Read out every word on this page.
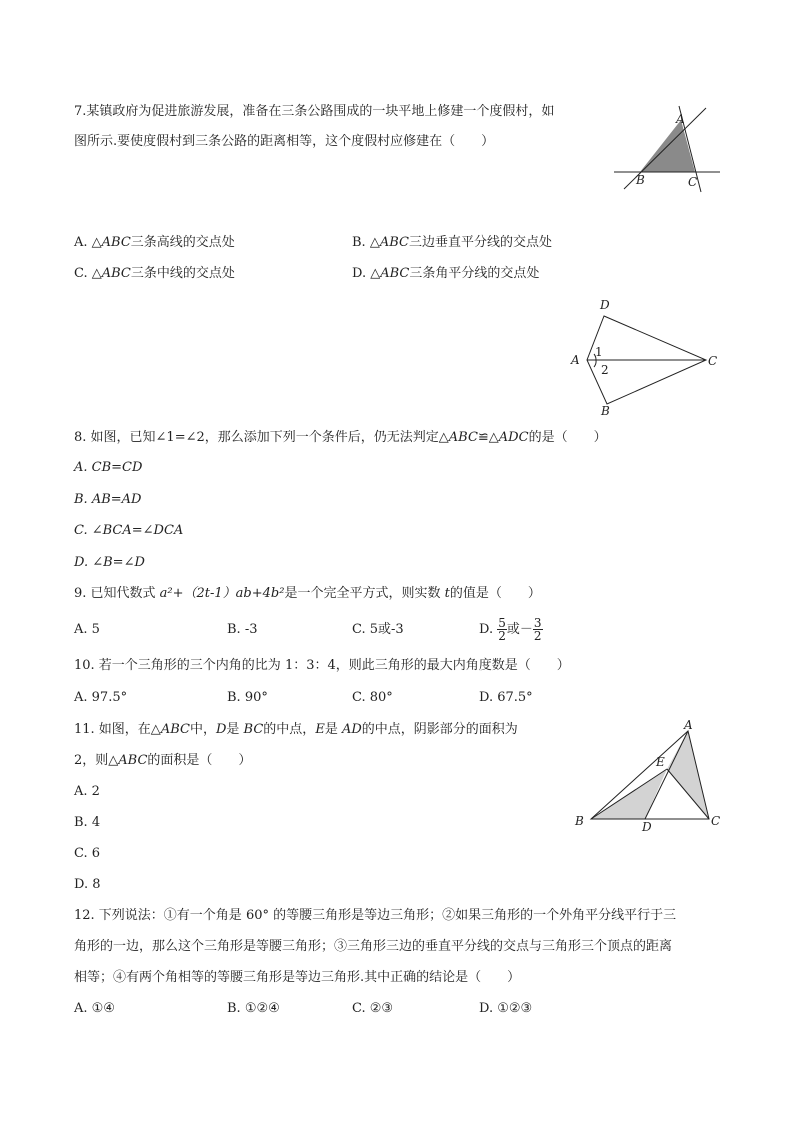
7.某镇政府为促进旅游发展，准备在三条公路围成的一块平地上修建一个度假村，如
图所示.要使度假村到三条公路的距离相等，这个度假村应修建在（　　）
A
B	C
A. △ABC三条高线的交点处	B. △ABC三边垂直平分线的交点处
C. △ABC三条中线的交点处	D. △ABC三条角平分线的交点处
D
A	C
B
1
2
8. 如图，已知∠1=∠2，那么添加下列一个条件后，仍无法判定△ABC≌△ADC的是（　　）
A. CB=CD
B. AB=AD
C. ∠BCA=∠DCA
D. ∠B=∠D
9. 已知代数式 a²+（2t-1）ab+4b²是一个完全平方式，则实数 t的值是（　　）
A. 5	B. -3	C. 5或-3	D. $\frac{5}{2}$ 或－ $\frac{3}{2}$
10. 若一个三角形的三个内角的比为 1：3：4，则此三角形的最大内角度数是（　　）
A. 97.5°	B. 90°	C. 80°	D. 67.5°
11. 如图，在△ABC中，D是 BC的中点，E是 AD的中点，阴影部分的面积为
2，则△ABC的面积是（　　）
A. 2
B. 4
C. 6
D. 8
A
B	C
D
E
12. 下列说法：①有一个角是 60° 的等腰三角形是等边三角形；②如果三角形的一个外角平分线平行于三
角形的一边，那么这个三角形是等腰三角形；③三角形三边的垂直平分线的交点与三角形三个顶点的距离
相等；④有两个角相等的等腰三角形是等边三角形.其中正确的结论是（　　）
A. ①④	B. ①②④	C. ②③	D. ①②③
